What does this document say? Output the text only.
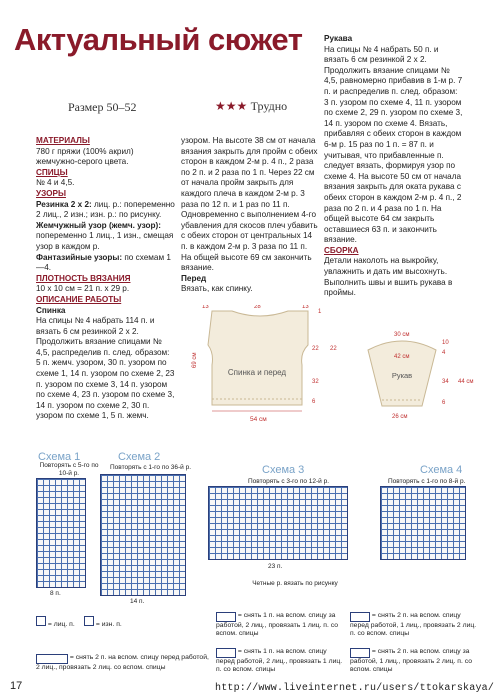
Актуальный сюжет
Размер 50–52	★★★ Трудно
МАТЕРИАЛЫ
780 г пряжи (100% акрил) жемчужно-серого цвета.
СПИЦЫ
№ 4 и 4,5.
УЗОРЫ
Резинка 2 х 2: лиц. р.: попеременно 2 лиц., 2 изн.; изн. р.: по рисунку.
Жемчужный узор (жемч. узор): попеременно 1 лиц., 1 изн., смещая узор в каждом р.
Фантазийные узоры: по схемам 1—4.
ПЛОТНОСТЬ ВЯЗАНИЯ
10 х 10 см = 21 п. х 29 р.
ОПИСАНИЕ РАБОТЫ
Спинка
На спицы № 4 набрать 114 п. и вязать 6 см резинкой 2 х 2. Продолжить вязание спицами № 4,5, распределив п. след. образом: 5 п. жемч. узором, 30 п. узором по схеме 1, 14 п. узором по схеме 2, 23 п. узором по схеме 3, 14 п. узором по схеме 4, 23 п. узором по схеме 3, 14 п. узором по схеме 2, 30 п. узором по схеме 1, 5 п. жемч.
узором. На высоте 38 см от начала вязания закрыть для пройм с обеих сторон в каждом 2-м р. 4 п., 2 раза по 2 п. и 2 раза по 1 п. Через 22 см от начала пройм закрыть для каждого плеча в каждом 2-м р. 3 раза по 12 п. и 1 раз по 11 п. Одновременно с выполнением 4-го убавления для скосов плеч убавить с обеих сторон от центральных 14 п. в каждом 2-м р. 3 раза по 11 п. На общей высоте 69 см закончить вязание.
Перед
Вязать, как спинку.
Рукава
На спицы № 4 набрать 50 п. и вязать 6 см резинкой 2 х 2. Продолжить вязание спицами № 4,5, равномерно прибавив в 1-м р. 7 п. и распределив п. след. образом: 3 п. узором по схеме 4, 11 п. узором по схеме 2, 29 п. узором по схеме 3, 14 п. узором по схеме 4. Вязать, прибавляя с обеих сторон в каждом 6-м р. 15 раз по 1 п. = 87 п. и учитывая, что прибавленные п. следует вязать, формируя узор по схеме 4. На высоте 50 см от начала вязания закрыть для оката рукава с обеих сторон в каждом 2-м р. 4 п., 2 раза по 2 п. и 4 раза по 1 п. На общей высоте 64 см закрыть оставшиеся 63 п. и закончить вязание.
СБОРКА
Детали наколоть на выкройку, увлажнить и дать им высохнуть. Выполнить швы и вшить рукава в проймы.
Спинка и перед
13	28	13
1
69 см
22 22
32
6
54 см
Рукав
30 см
42 см
10
4
44 см
34
6
26 см
Схема 1
Повторять с 5-го по 10-й р.
8 п.
Схема 2
Повторять с 1-го по 36-й р.
14 п.
Схема 3
Повторять с 3-го по 12-й р.
23 п.
Четные р. вязать по рисунку
Схема 4
Повторять с 1-го по 8-й р.
= лиц. п.	= изн. п.
= снять 1 п. на вспом. спицу за работой, 2 лиц., провязать 1 лиц. п. со вспом. спицы
= снять 2 п. на вспом. спицу перед работой, 1 лиц., провязать 2 лиц. п. со вспом. спицы
= снять 2 п. на вспом. спицу перед работой, 2 лиц., провязать 2 лиц. со вспом. спицы
= снять 1 п. на вспом. спицу перед работой, 2 лиц., провязать 1 лиц. п. со вспом. спицы
= снять 2 п. на вспом. спицу за работой, 1 лиц., провязать 2 лиц. п. со вспом. спицы
17	http://www.liveinternet.ru/users/ttokarskaya/
